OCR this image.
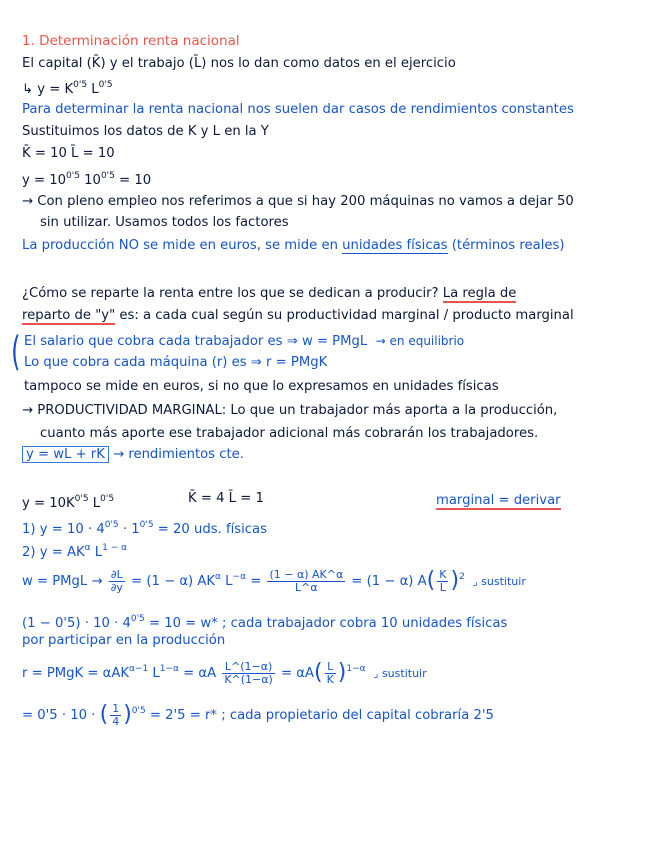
1. Determinación renta nacional
El capital (K̄) y el trabajo (L̄) nos lo dan como datos en el ejercicio
↳ $y = K^{0'5}$ $L^{0'5}$
Para determinar la renta nacional nos suelen dar casos de rendimientos constantes
Sustituimos los datos de K y L en la Y
K̄ = 10 L̄ = 10
$y = 10^{0'5}$ $10^{0'5} = 10$
→ Con pleno empleo nos referimos a que si hay 200 máquinas no vamos a dejar 50
sin utilizar. Usamos todos los factores
La producción NO se mide en euros, se mide en unidades físicas (términos reales)
¿Cómo se reparte la renta entre los que se dedican a producir? La regla de
reparto de "y" es: a cada cual según su productividad marginal / producto marginal
( El salario que cobra cada trabajador es ⇒ w = PMgL → en equilibrio
Lo que cobra cada máquina (r) es ⇒ r = PMgK
tampoco se mide en euros, si no que lo expresamos en unidades físicas
→ PRODUCTIVIDAD MARGINAL: Lo que un trabajador más aporta a la producción,
cuanto más aporte ese trabajador adicional más cobrarán los trabajadores.
y = wL + rK → rendimientos cte.
$y = 10K^{0'5}$ $L^{0'5}$	K̄ = 4 L̄ = 1	marginal = derivar
1) $y = 10 \cdot 4^{0'5} \cdot 1^{0'5} = 20$ uds. físicas
2) $y = AK^\alpha$ $L^{1 - \alpha}$
w = PMgL → $\frac{\partial L}{\partial y} = (1 - \alpha)$ $AK^\alpha$ $L^{-\alpha} = \frac{(1 - \alpha) AK\^{}\alpha}{L\^{}\alpha} = (1 - \alpha)$ $A( \frac{K}{L} )^2$  ⌟ sustituir
$(1 - 0'5) \cdot 10 \cdot 4^{0'5} = 10 = w*$ ; cada trabajador cobra 10 unidades físicas
por participar en la producción
r = PMgK = αAK$^{\alpha-1}$ $L^{1-\alpha} = \alpha A \frac{L\^{}(1-\alpha)}{K\^{}(1-\alpha)} = \alpha A( \frac{L}{K} )^{1-\alpha}$  ⌟ sustituir
= 0'5 · 10 · ( $\frac{1}{4} )^{0'5} = 2'5 = r*$ ; cada propietario del capital cobraría 2'5
